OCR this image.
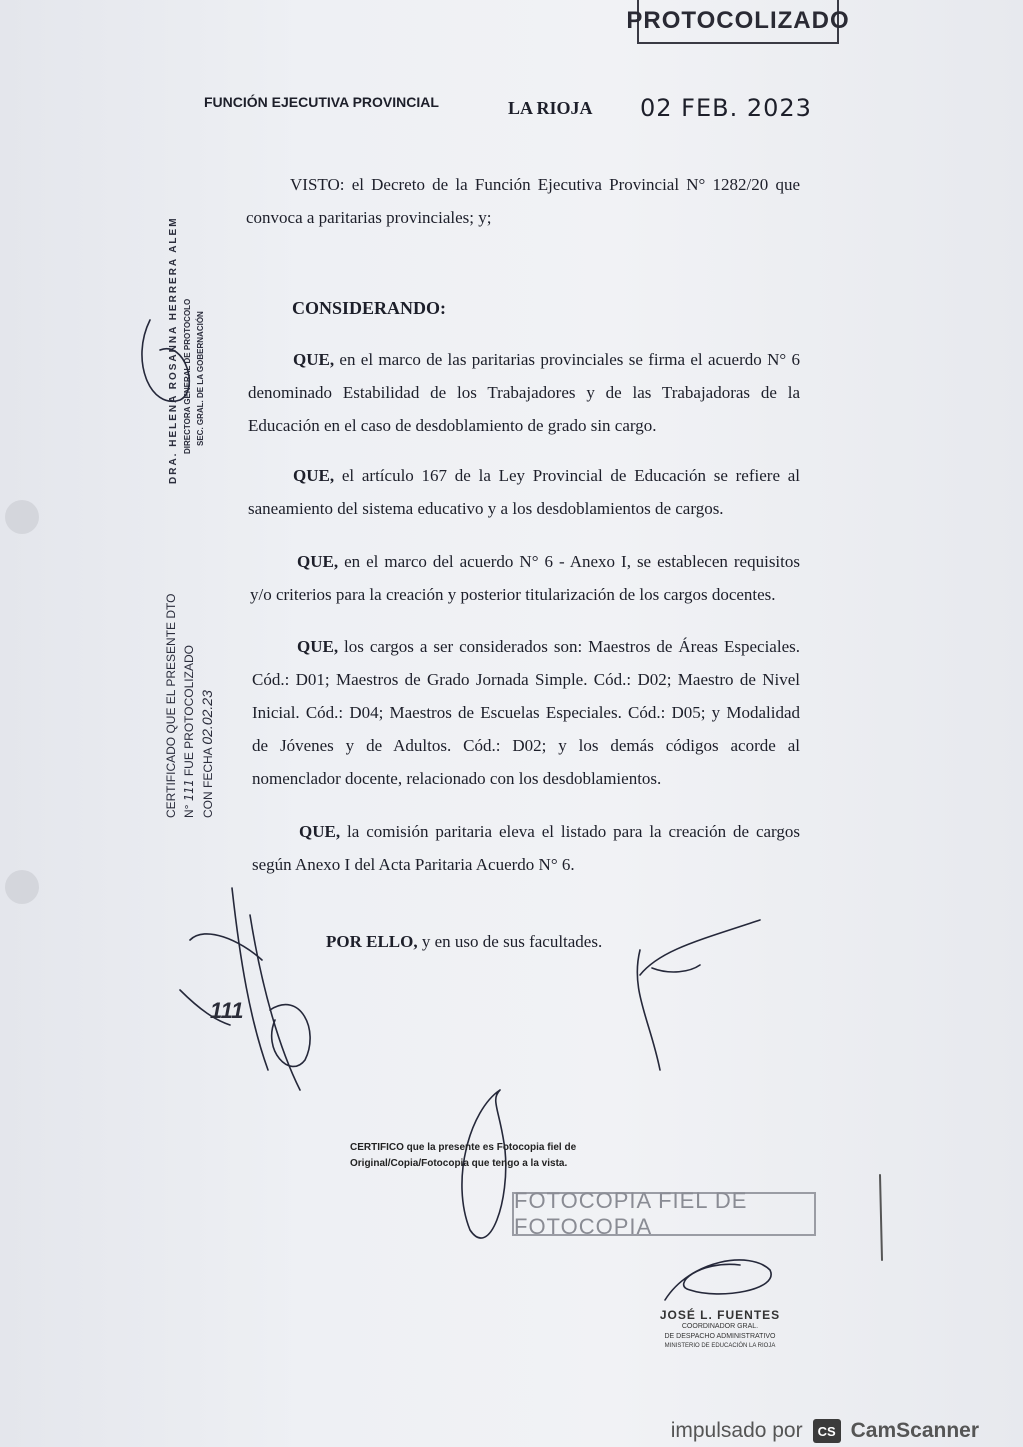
PROTOCOLIZADO
FUNCIÓN EJECUTIVA PROVINCIAL	LA RIOJA 02 FEB. 2023
VISTO: el Decreto de la Función Ejecutiva Provincial N° 1282/20 que
convoca a paritarias provinciales; y;
CONSIDERANDO:
QUE, en el marco de las paritarias provinciales se firma el acuerdo N° 6
denominado Estabilidad de los Trabajadores y de las Trabajadoras de la
Educación en el caso de desdoblamiento de grado sin cargo.
QUE, el artículo 167 de la Ley Provincial de Educación se refiere al
saneamiento del sistema educativo y a los desdoblamientos de cargos.
QUE, en el marco del acuerdo N° 6 - Anexo I, se establecen requisitos
y/o criterios para la creación y posterior titularización de los cargos docentes.
QUE, los cargos a ser considerados son: Maestros de Áreas Especiales.
Cód.: D01; Maestros de Grado Jornada Simple. Cód.: D02; Maestro de Nivel
Inicial. Cód.: D04; Maestros de Escuelas Especiales. Cód.: D05; y Modalidad
de Jóvenes y de Adultos. Cód.: D02; y los demás códigos acorde al
nomenclador docente, relacionado con los desdoblamientos.
QUE, la comisión paritaria eleva el listado para la creación de cargos
según Anexo I del Acta Paritaria Acuerdo N° 6.
POR ELLO, y en uso de sus facultades.
DRA. HELENA ROSANNA HERRERA ALEM DIRECTORA GENERAL DE PROTOCOLO SEC. GRAL. DE LA GOBERNACIÓN
CERTIFICADO QUE EL PRESENTE DTO N° 111 FUE PROTOCOLIZADO
CON FECHA 02.02.23
111
CERTIFICO que la presente es Fotocopia fiel de
Original/Copia/Fotocopia que tengo a la vista.
FOTOCOPIA FIEL DE FOTOCOPIA
JOSÉ L. FUENTES
COORDINADOR GRAL.
DE DESPACHO ADMINISTRATIVO
MINISTERIO DE EDUCACIÓN LA RIOJA
impulsado por	CS CamScanner
